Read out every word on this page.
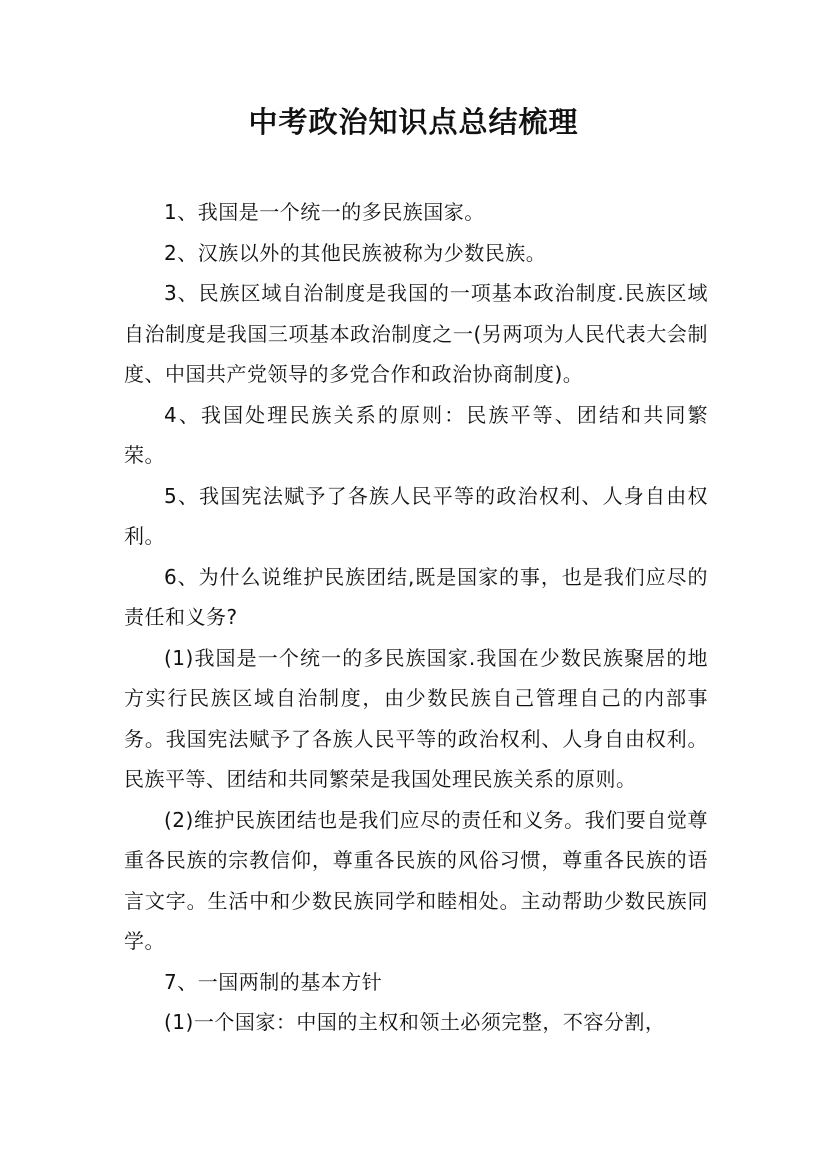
中考政治知识点总结梳理

1、我国是一个统一的多民族国家。

2、汉族以外的其他民族被称为少数民族。

3、民族区域自治制度是我国的一项基本政治制度.民族区域自治制度是我国三项基本政治制度之一(另两项为人民代表大会制度、中国共产党领导的多党合作和政治协商制度)。

4、我国处理民族关系的原则：民族平等、团结和共同繁荣。

5、我国宪法赋予了各族人民平等的政治权利、人身自由权利。

6、为什么说维护民族团结,既是国家的事，也是我们应尽的责任和义务?

(1)我国是一个统一的多民族国家.我国在少数民族聚居的地方实行民族区域自治制度，由少数民族自己管理自己的内部事务。我国宪法赋予了各族人民平等的政治权利、人身自由权利。民族平等、团结和共同繁荣是我国处理民族关系的原则。

(2)维护民族团结也是我们应尽的责任和义务。我们要自觉尊重各民族的宗教信仰，尊重各民族的风俗习惯，尊重各民族的语言文字。生活中和少数民族同学和睦相处。主动帮助少数民族同学。

7、一国两制的基本方针

(1)一个国家：中国的主权和领土必须完整，不容分割，
